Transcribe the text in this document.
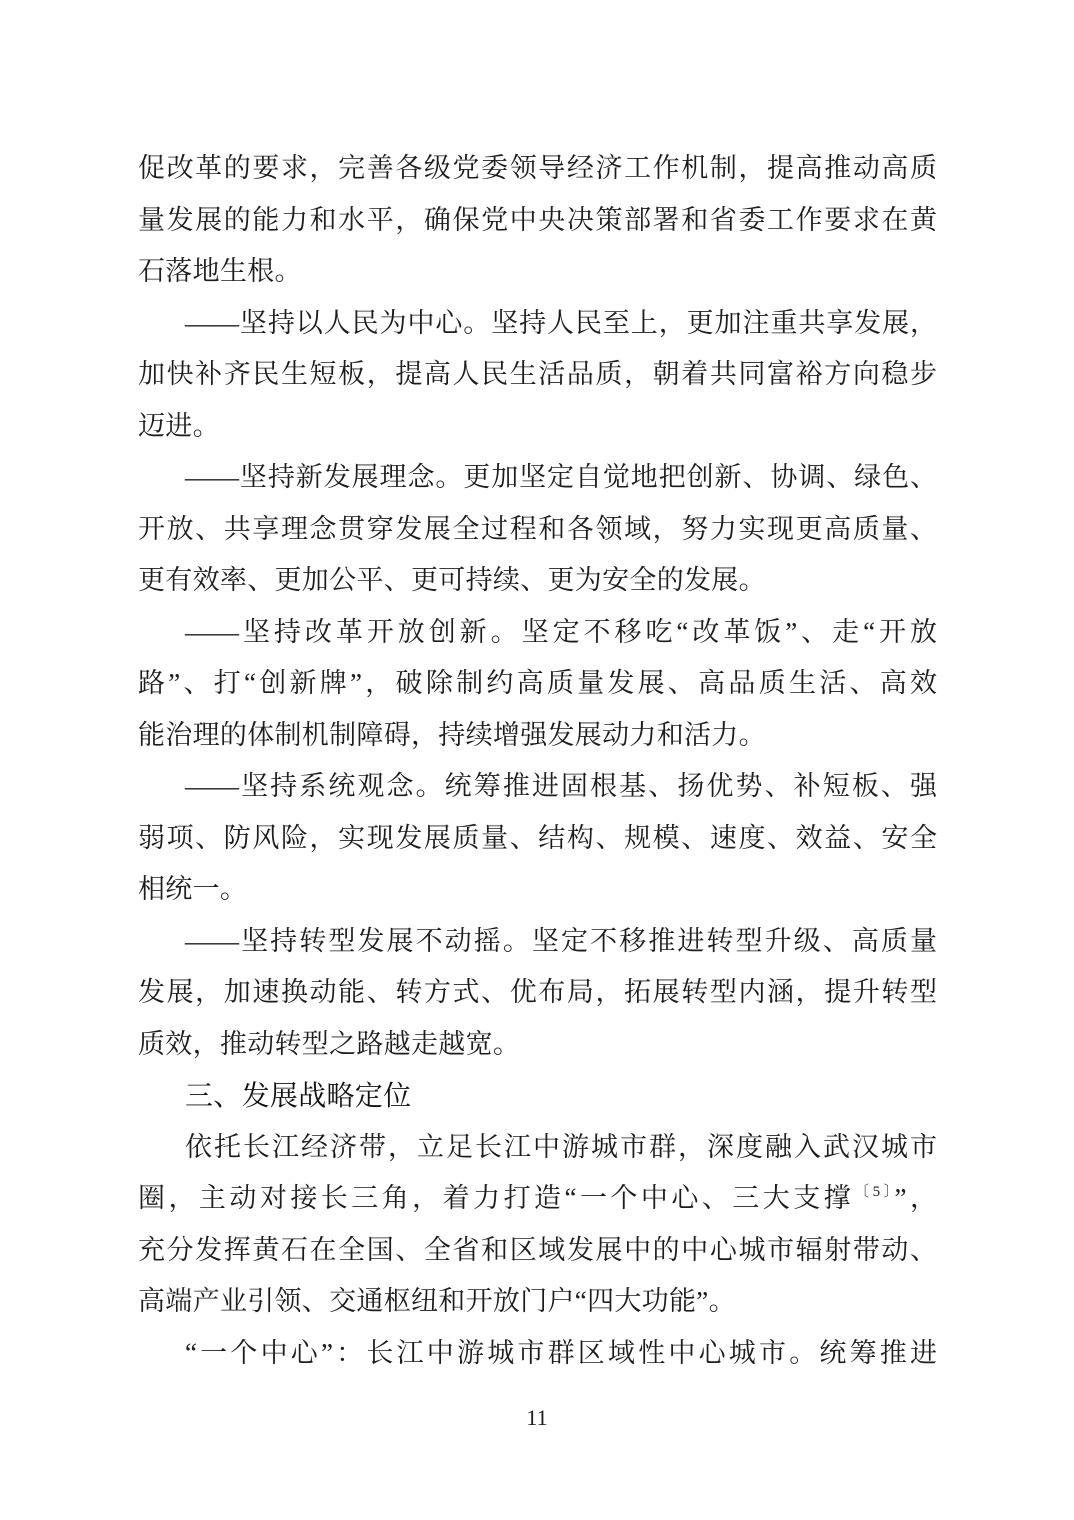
促改革的要求，完善各级党委领导经济工作机制，提高推动高质
量发展的能力和水平，确保党中央决策部署和省委工作要求在黄
石落地生根。
——坚持以人民为中心。坚持人民至上，更加注重共享发展，
加快补齐民生短板，提高人民生活品质，朝着共同富裕方向稳步
迈进。
——坚持新发展理念。更加坚定自觉地把创新、协调、绿色、
开放、共享理念贯穿发展全过程和各领域，努力实现更高质量、
更有效率、更加公平、更可持续、更为安全的发展。
——坚持改革开放创新。坚定不移吃“改革饭”、走“开放
路”、打“创新牌”，破除制约高质量发展、高品质生活、高效
能治理的体制机制障碍，持续增强发展动力和活力。
——坚持系统观念。统筹推进固根基、扬优势、补短板、强
弱项、防风险，实现发展质量、结构、规模、速度、效益、安全
相统一。
——坚持转型发展不动摇。坚定不移推进转型升级、高质量
发展，加速换动能、转方式、优布局，拓展转型内涵，提升转型
质效，推动转型之路越走越宽。
三、发展战略定位
依托长江经济带，立足长江中游城市群，深度融入武汉城市
圈，主动对接长三角，着力打造“一个中心、三大支撑$^{〔5〕}$”，
充分发挥黄石在全国、全省和区域发展中的中心城市辐射带动、
高端产业引领、交通枢纽和开放门户“四大功能”。
“一个中心”：长江中游城市群区域性中心城市。统筹推进
11
